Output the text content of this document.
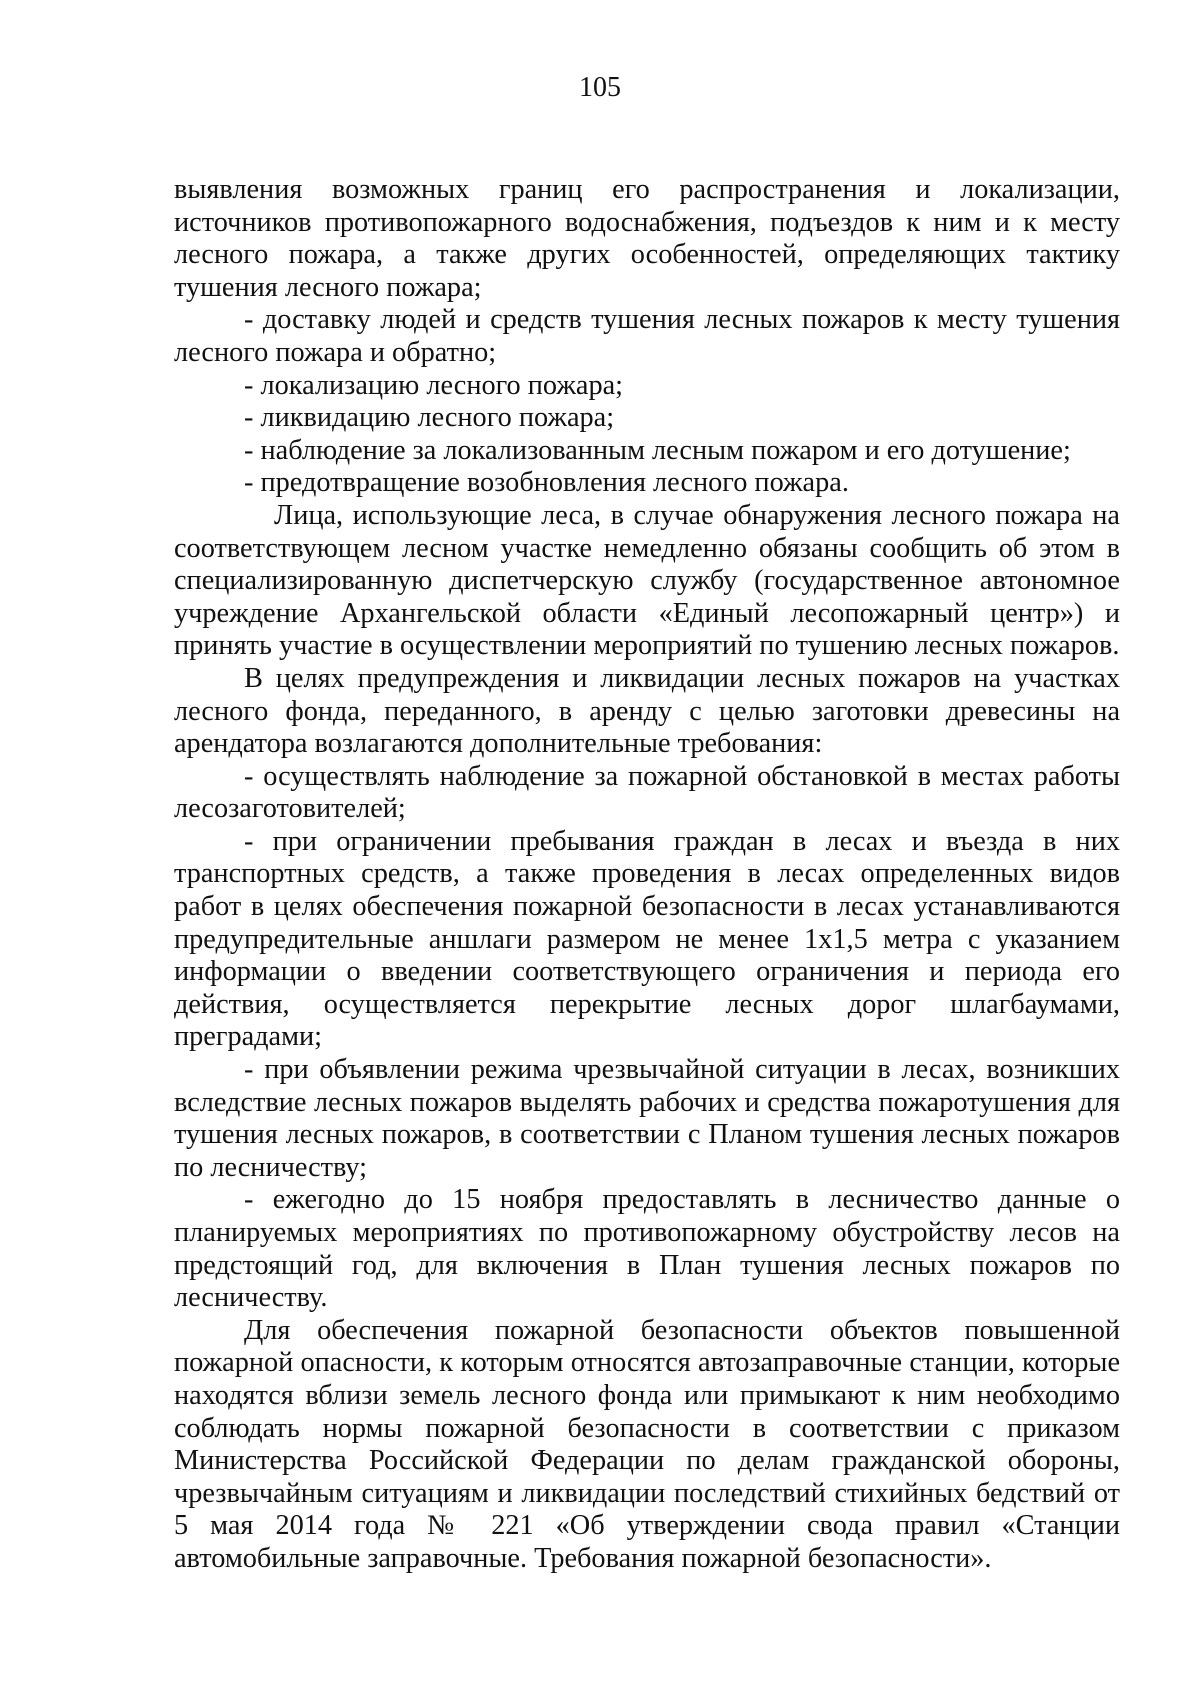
105

выявления возможных границ его распространения и локализации, источников противопожарного водоснабжения, подъездов к ним и к месту лесного пожара, а также других особенностей, определяющих тактику тушения лесного пожара;

- доставку людей и средств тушения лесных пожаров к месту тушения лесного пожара и обратно;

- локализацию лесного пожара;

- ликвидацию лесного пожара;

- наблюдение за локализованным лесным пожаром и его дотушение;

- предотвращение возобновления лесного пожара.

Лица, использующие леса, в случае обнаружения лесного пожара на соответствующем лесном участке немедленно обязаны сообщить об этом в специализированную диспетчерскую службу (государственное автономное учреждение Архангельской области «Единый лесопожарный центр») и принять участие в осуществлении мероприятий по тушению лесных пожаров.

В целях предупреждения и ликвидации лесных пожаров на участках лесного фонда, переданного, в аренду с целью заготовки древесины на арендатора возлагаются дополнительные требования:

- осуществлять наблюдение за пожарной обстановкой в местах работы лесозаготовителей;

- при ограничении пребывания граждан в лесах и въезда в них транспортных средств, а также проведения в лесах определенных видов работ в целях обеспечения пожарной безопасности в лесах устанавливаются предупредительные аншлаги размером не менее 1х1,5 метра с указанием информации о введении соответствующего ограничения и периода его действия, осуществляется перекрытие лесных дорог шлагбаумами, преградами;

- при объявлении режима чрезвычайной ситуации в лесах, возникших вследствие лесных пожаров выделять рабочих и средства пожаротушения для тушения лесных пожаров, в соответствии с Планом тушения лесных пожаров по лесничеству;

- ежегодно до 15 ноября предоставлять в лесничество данные о планируемых мероприятиях по противопожарному обустройству лесов на предстоящий год, для включения в План тушения лесных пожаров по лесничеству.

Для обеспечения пожарной безопасности объектов повышенной пожарной опасности, к которым относятся автозаправочные станции, которые находятся вблизи земель лесного фонда или примыкают к ним необходимо соблюдать нормы пожарной безопасности в соответствии с приказом Министерства Российской Федерации по делам гражданской обороны, чрезвычайным ситуациям и ликвидации последствий стихийных бедствий от 5 мая 2014 года № 221 «Об утверждении свода правил «Станции автомобильные заправочные. Требования пожарной безопасности».
